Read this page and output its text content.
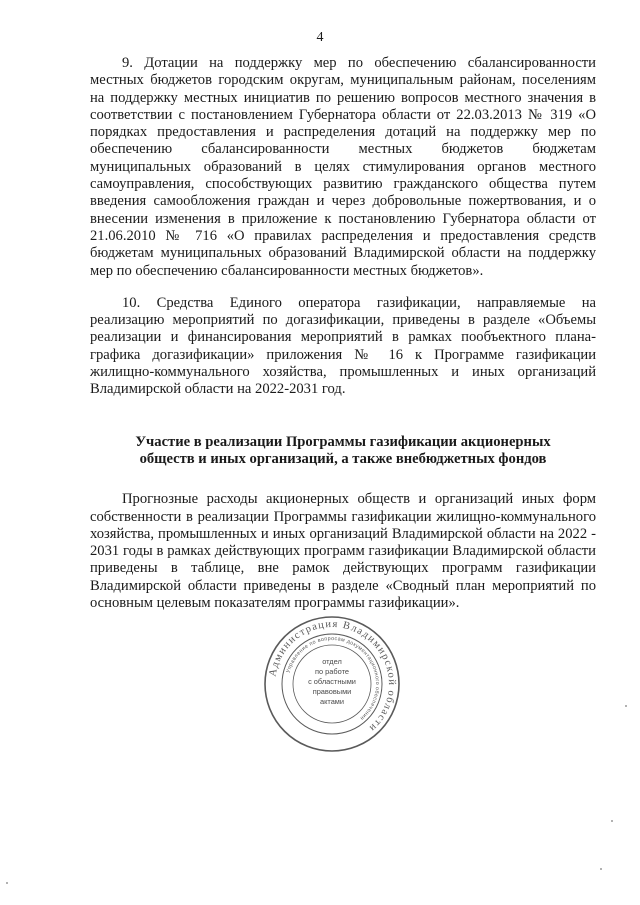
4

9. Дотации на поддержку мер по обеспечению сбалансированности местных бюджетов городским округам, муниципальным районам, поселениям на поддержку местных инициатив по решению вопросов местного значения в соответствии с постановлением Губернатора области от 22.03.2013 № 319 «О порядках предоставления и распределения дотаций на поддержку мер по обеспечению сбалансированности местных бюджетов бюджетам муниципальных образований в целях стимулирования органов местного самоуправления, способствующих развитию гражданского общества путем введения самообложения граждан и через добровольные пожертвования, и о внесении изменения в приложение к постановлению Губернатора области от 21.06.2010 № 716 «О правилах распределения и предоставления средств бюджетам муниципальных образований Владимирской области на поддержку мер по обеспечению сбалансированности местных бюджетов».

10. Средства Единого оператора газификации, направляемые на реализацию мероприятий по догазификации, приведены в разделе «Объемы реализации и финансирования мероприятий в рамках пообъектного плана-графика догазификации» приложения № 16 к Программе газификации жилищно-коммунального хозяйства, промышленных и иных организаций Владимирской области на 2022-2031 год.

Участие в реализации Программы газификации акционерных
обществ и иных организаций, а также внебюджетных фондов

Прогнозные расходы акционерных обществ и организаций иных форм собственности в реализации Программы газификации жилищно-коммунального хозяйства, промышленных и иных организаций Владимирской области на 2022 - 2031 годы в рамках действующих программ газификации Владимирской области приведены в таблице, вне рамок действующих программ газификации Владимирской области приведены в разделе «Сводный план мероприятий по основным целевым показателям программы газификации».

Администрация Владимирской области
Управление по вопросам документационного обеспечения
отдел
по работе
с областными
правовыми
актами
